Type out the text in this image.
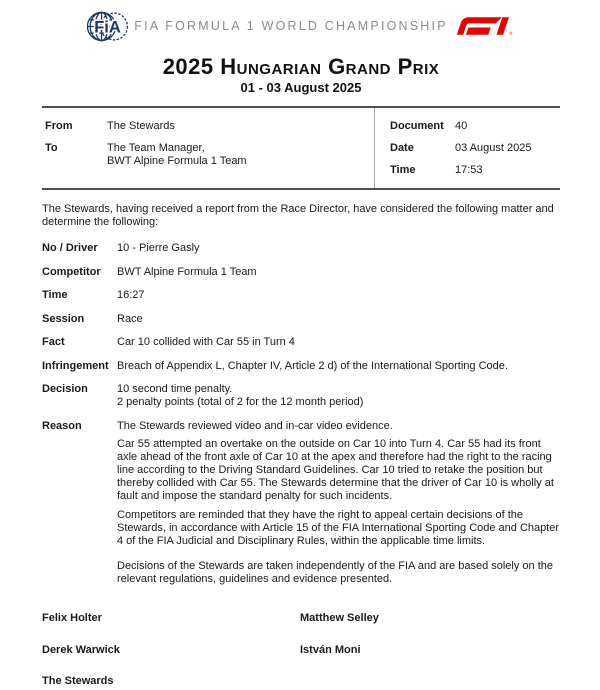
FiA FIA FORMULA 1 WORLD CHAMPIONSHIP
2025 Hungarian Grand Prix
01 - 03 August 2025
From	The Stewards
To	The Team Manager,
BWT Alpine Formula 1 Team
Document	40
Date	03 August 2025
Time	17:53
The Stewards, having received a report from the Race Director, have considered the following matter and determine the following:
No / Driver	10 - Pierre Gasly
Competitor	BWT Alpine Formula 1 Team
Time	16:27
Session	Race
Fact	Car 10 collided with Car 55 in Turn 4
Infringement Breach of Appendix L, Chapter IV, Article 2 d) of the International Sporting Code.
Decision	10 second time penalty.
2 penalty points (total of 2 for the 12 month period)
Reason	The Stewards reviewed video and in-car video evidence.

Car 55 attempted an overtake on the outside on Car 10 into Turn 4. Car 55 had its front axle ahead of the front axle of Car 10 at the apex and therefore had the right to the racing line according to the Driving Standard Guidelines. Car 10 tried to retake the position but thereby collided with Car 55. The Stewards determine that the driver of Car 10 is wholly at fault and impose the standard penalty for such incidents.

Competitors are reminded that they have the right to appeal certain decisions of the Stewards, in accordance with Article 15 of the FIA International Sporting Code and Chapter 4 of the FIA Judicial and Disciplinary Rules, within the applicable time limits.

Decisions of the Stewards are taken independently of the FIA and are based solely on the relevant regulations, guidelines and evidence presented.

Felix Holter	Matthew Selley
Derek Warwick	István Moni
The Stewards
